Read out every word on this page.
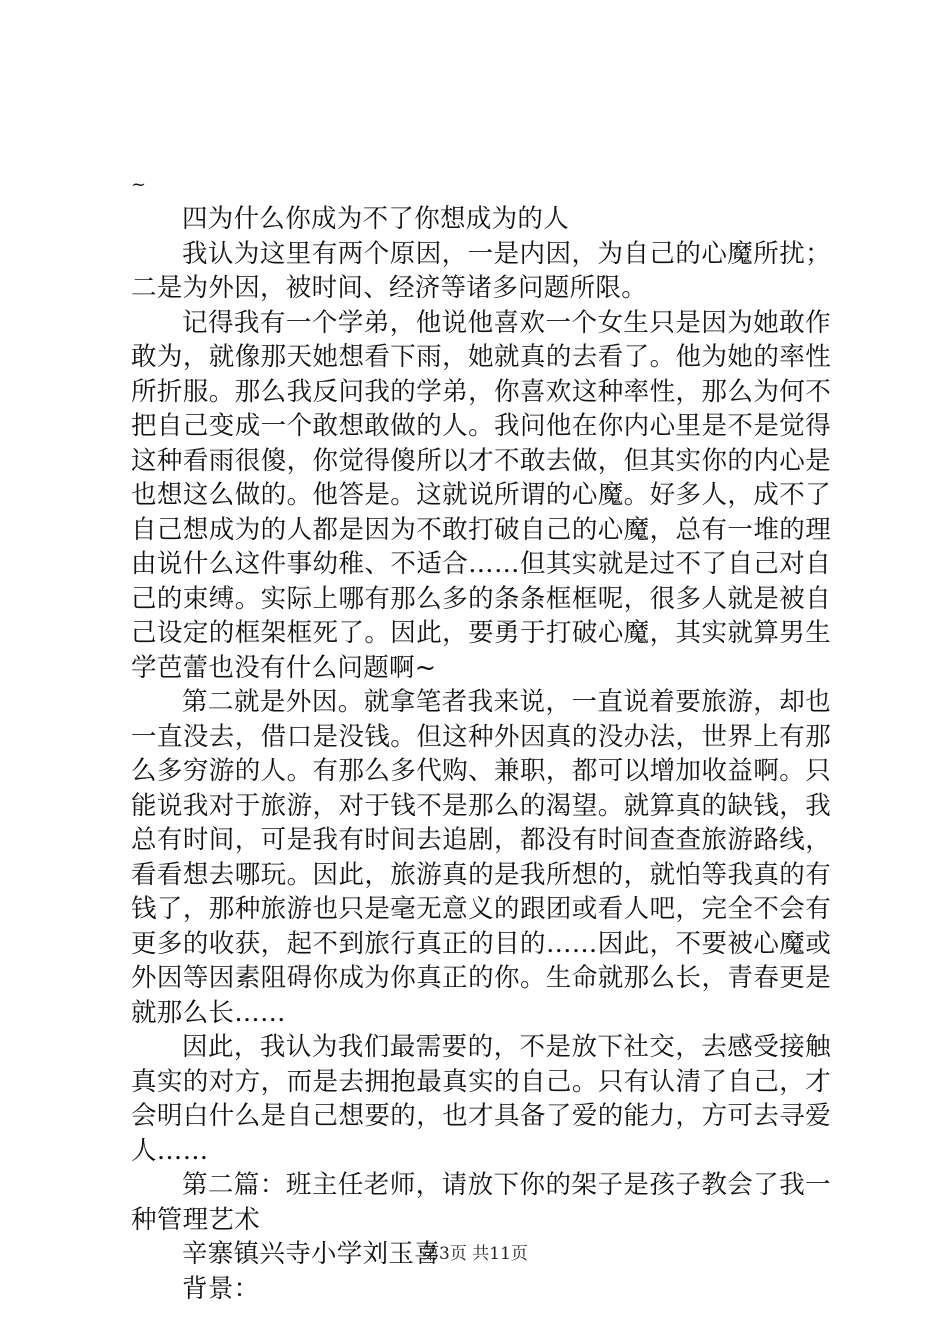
~

四为什么你成为不了你想成为的人

我认为这里有两个原因，一是内因，为自己的心魔所扰；二是为外因，被时间、经济等诸多问题所限。

记得我有一个学弟，他说他喜欢一个女生只是因为她敢作敢为，就像那天她想看下雨，她就真的去看了。他为她的率性所折服。那么我反问我的学弟，你喜欢这种率性，那么为何不把自己变成一个敢想敢做的人。我问他在你内心里是不是觉得这种看雨很傻，你觉得傻所以才不敢去做，但其实你的内心是也想这么做的。他答是。这就说所谓的心魔。好多人，成不了自己想成为的人都是因为不敢打破自己的心魔，总有一堆的理由说什么这件事幼稚、不适合……但其实就是过不了自己对自己的束缚。实际上哪有那么多的条条框框呢，很多人就是被自己设定的框架框死了。因此，要勇于打破心魔，其实就算男生学芭蕾也没有什么问题啊~

第二就是外因。就拿笔者我来说，一直说着要旅游，却也一直没去，借口是没钱。但这种外因真的没办法，世界上有那么多穷游的人。有那么多代购、兼职，都可以增加收益啊。只能说我对于旅游，对于钱不是那么的渴望。就算真的缺钱，我总有时间，可是我有时间去追剧，都没有时间查查旅游路线，看看想去哪玩。因此，旅游真的是我所想的，就怕等我真的有钱了，那种旅游也只是毫无意义的跟团或看人吧，完全不会有更多的收获，起不到旅行真正的目的……因此，不要被心魔或外因等因素阻碍你成为你真正的你。生命就那么长，青春更是就那么长……

因此，我认为我们最需要的，不是放下社交，去感受接触真实的对方，而是去拥抱最真实的自己。只有认清了自己，才会明白什么是自己想要的，也才具备了爱的能力，方可去寻爱人……

第二篇：班主任老师，请放下你的架子是孩子教会了我一种管理艺术

辛寨镇兴寺小学刘玉喜

背景：

第3页 共11页
